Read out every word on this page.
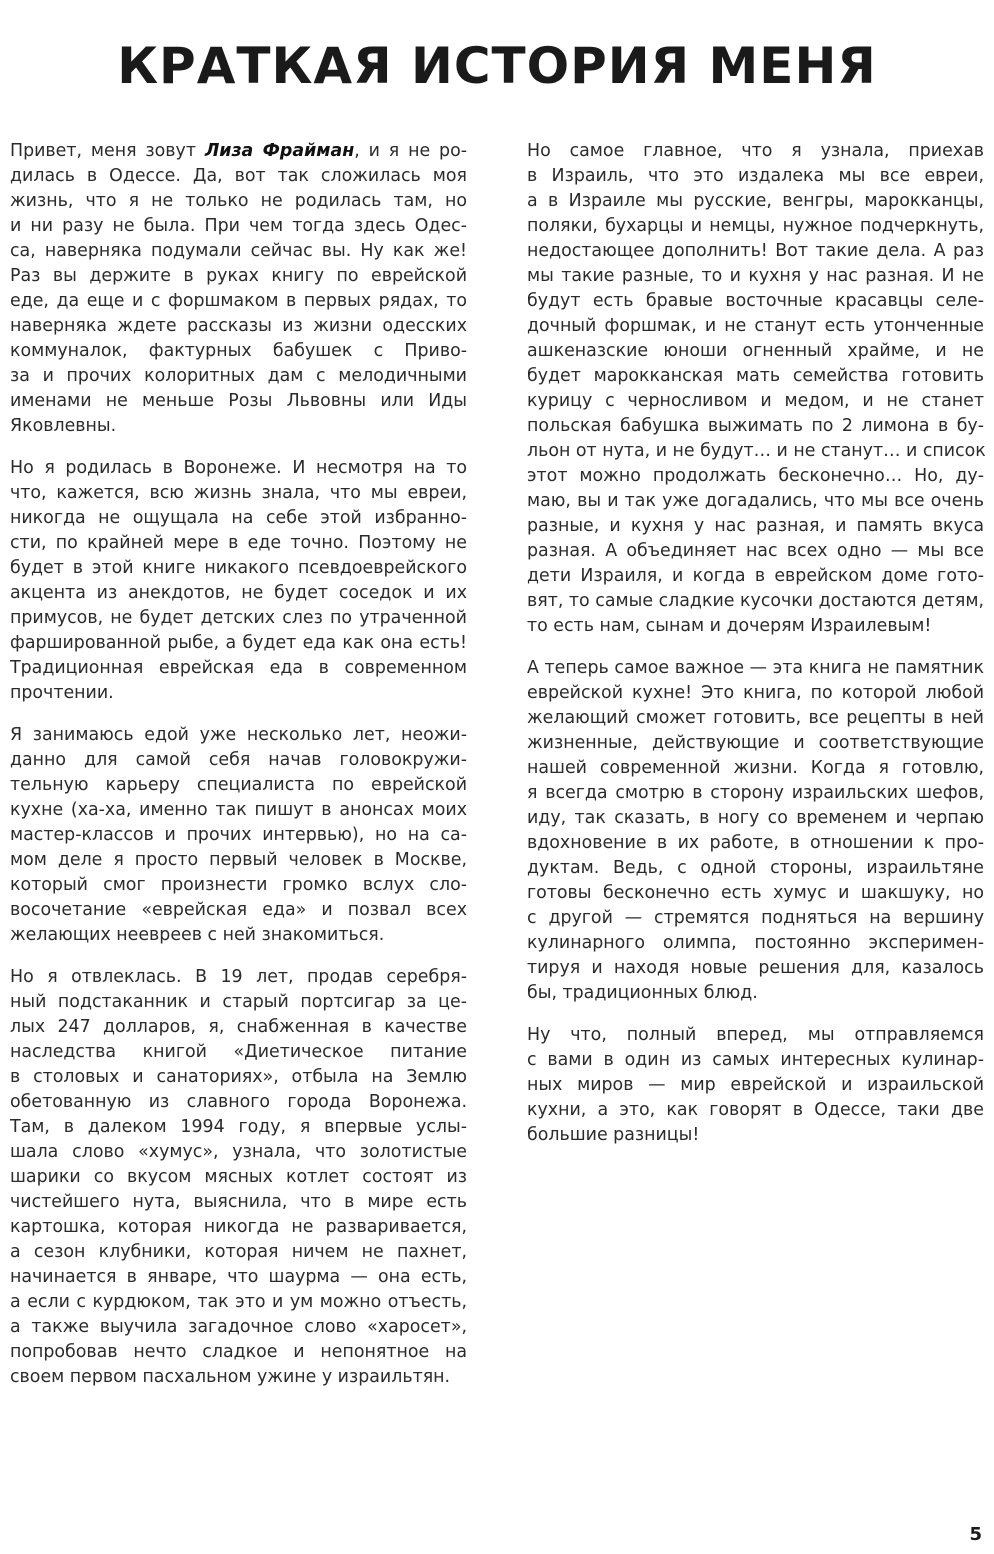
КРАТКАЯ ИСТОРИЯ МЕНЯ
Привет, меня зовут Лиза Фрайман, и я не ро-
дилась в Одессе. Да, вот так сложилась моя
жизнь, что я не только не родилась там, но
и ни разу не была. При чем тогда здесь Одес-
са, наверняка подумали сейчас вы. Ну как же!
Раз вы держите в руках книгу по еврейской
еде, да еще и с форшмаком в первых рядах, то
наверняка ждете рассказы из жизни одесских
коммуналок, фактурных бабушек с Приво-
за и прочих колоритных дам с мелодичными
именами не меньше Розы Львовны или Иды
Яковлевны.
Но я родилась в Воронеже. И несмотря на то
что, кажется, всю жизнь знала, что мы евреи,
никогда не ощущала на себе этой избранно-
сти, по крайней мере в еде точно. Поэтому не
будет в этой книге никакого псевдоеврейского
акцента из анекдотов, не будет соседок и их
примусов, не будет детских слез по утраченной
фаршированной рыбе, а будет еда как она есть!
Традиционная еврейская еда в современном
прочтении.
Я занимаюсь едой уже несколько лет, неожи-
данно для самой себя начав головокружи-
тельную карьеру специалиста по еврейской
кухне (ха-ха, именно так пишут в анонсах моих
мастер-классов и прочих интервью), но на са-
мом деле я просто первый человек в Москве,
который смог произнести громко вслух сло-
восочетание «еврейская еда» и позвал всех
желающих неевреев с ней знакомиться.
Но я отвлеклась. В 19 лет, продав серебря-
ный подстаканник и старый портсигар за це-
лых 247 долларов, я, снабженная в качестве
наследства книгой «Диетическое питание
в столовых и санаториях», отбыла на Землю
обетованную из славного города Воронежа.
Там, в далеком 1994 году, я впервые услы-
шала слово «хумус», узнала, что золотистые
шарики со вкусом мясных котлет состоят из
чистейшего нута, выяснила, что в мире есть
картошка, которая никогда не разваривается,
а сезон клубники, которая ничем не пахнет,
начинается в январе, что шаурма — она есть,
а если с курдюком, так это и ум можно отъесть,
а также выучила загадочное слово «харосет»,
попробовав нечто сладкое и непонятное на
своем первом пасхальном ужине у израильтян.
Но самое главное, что я узнала, приехав
в Израиль, что это издалека мы все евреи,
а в Израиле мы русские, венгры, марокканцы,
поляки, бухарцы и немцы, нужное подчеркнуть,
недостающее дополнить! Вот такие дела. А раз
мы такие разные, то и кухня у нас разная. И не
будут есть бравые восточные красавцы селе-
дочный форшмак, и не станут есть утонченные
ашкеназские юноши огненный храйме, и не
будет марокканская мать семейства готовить
курицу с черносливом и медом, и не станет
польская бабушка выжимать по 2 лимона в бу-
льон от нута, и не будут… и не станут… и список
этот можно продолжать бесконечно… Но, ду-
маю, вы и так уже догадались, что мы все очень
разные, и кухня у нас разная, и память вкуса
разная. А объединяет нас всех одно — мы все
дети Израиля, и когда в еврейском доме гото-
вят, то самые сладкие кусочки достаются детям,
то есть нам, сынам и дочерям Израилевым!
А теперь самое важное — эта книга не памятник
еврейской кухне! Это книга, по которой любой
желающий сможет готовить, все рецепты в ней
жизненные, действующие и соответствующие
нашей современной жизни. Когда я готовлю,
я всегда смотрю в сторону израильских шефов,
иду, так сказать, в ногу со временем и черпаю
вдохновение в их работе, в отношении к про-
дуктам. Ведь, с одной стороны, израильтяне
готовы бесконечно есть хумус и шакшуку, но
с другой — стремятся подняться на вершину
кулинарного олимпа, постоянно эксперимен-
тируя и находя новые решения для, казалось
бы, традиционных блюд.
Ну что, полный вперед, мы отправляемся
с вами в один из самых интересных кулинар-
ных миров — мир еврейской и израильской
кухни, а это, как говорят в Одессе, таки две
большие разницы!
5
